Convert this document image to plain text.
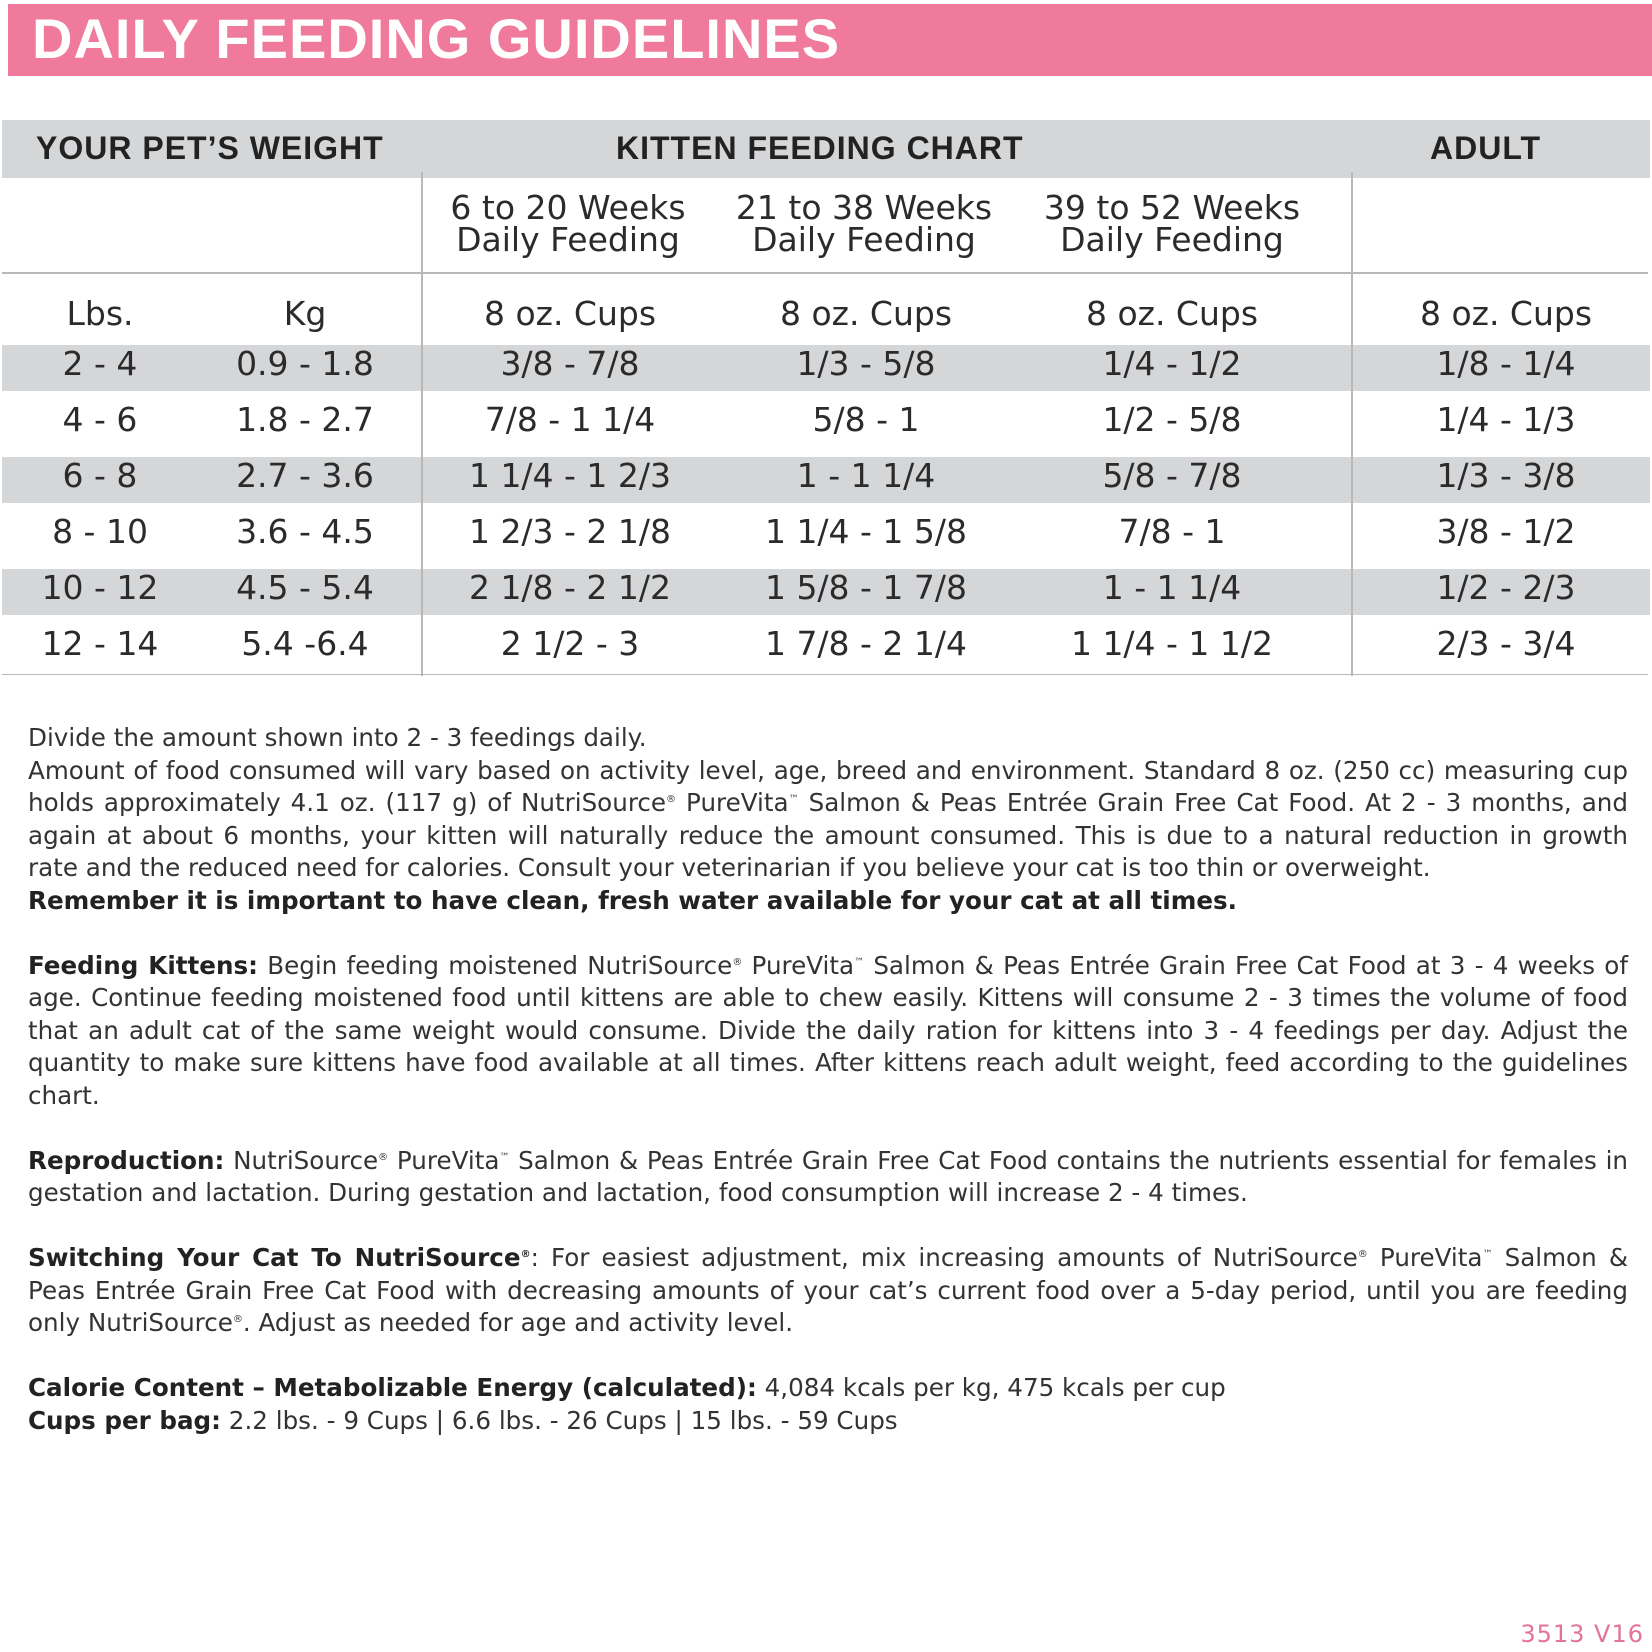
DAILY FEEDING GUIDELINES
YOUR PET’S WEIGHT	KITTEN FEEDING CHART	ADULT
6 to 20 Weeks
Daily Feeding
21 to 38 Weeks
Daily Feeding
39 to 52 Weeks
Daily Feeding
Lbs.	Kg	8 oz. Cups	8 oz. Cups	8 oz. Cups	8 oz. Cups
2 - 4	0.9 - 1.8	3/8 - 7/8	1/3 - 5/8	1/4 - 1/2	1/8 - 1/4
4 - 6	1.8 - 2.7	7/8 - 1 1/4	5/8 - 1	1/2 - 5/8	1/4 - 1/3
6 - 8	2.7 - 3.6	1 1/4 - 1 2/3	1 - 1 1/4	5/8 - 7/8	1/3 - 3/8
8 - 10	3.6 - 4.5	1 2/3 - 2 1/8	1 1/4 - 1 5/8	7/8 - 1	3/8 - 1/2
10 - 12	4.5 - 5.4	2 1/8 - 2 1/2	1 5/8 - 1 7/8	1 - 1 1/4	1/2 - 2/3
12 - 14	5.4 -6.4	2 1/2 - 3	1 7/8 - 2 1/4	1 1/4 - 1 1/2	2/3 - 3/4

Divide the amount shown into 2 - 3 feedings daily.

Amount of food consumed will vary based on activity level, age, breed and environment. Standard 8 oz. (250 cc) measuring cup holds approximately 4.1 oz. (117 g) of NutriSource® PureVita™ Salmon & Peas Entrée Grain Free Cat Food. At 2 - 3 months, and again at about 6 months, your kitten will naturally reduce the amount consumed. This is due to a natural reduction in growth rate and the reduced need for calories. Consult your veterinarian if you believe your cat is too thin or overweight.

Remember it is important to have clean, fresh water available for your cat at all times.

Feeding Kittens: Begin feeding moistened NutriSource® PureVita™ Salmon & Peas Entrée Grain Free Cat Food at 3 - 4 weeks of age. Continue feeding moistened food until kittens are able to chew easily. Kittens will consume 2 - 3 times the volume of food that an adult cat of the same weight would consume. Divide the daily ration for kittens into 3 - 4 feedings per day. Adjust the quantity to make sure kittens have food available at all times. After kittens reach adult weight, feed according to the guidelines chart.

Reproduction: NutriSource® PureVita™ Salmon & Peas Entrée Grain Free Cat Food contains the nutrients essential for females in gestation and lactation. During gestation and lactation, food consumption will increase 2 - 4 times.

Switching Your Cat To NutriSource®: For easiest adjustment, mix increasing amounts of NutriSource® PureVita™ Salmon & Peas Entrée Grain Free Cat Food with decreasing amounts of your cat’s current food over a 5-day period, until you are feeding only NutriSource®. Adjust as needed for age and activity level.

Calorie Content – Metabolizable Energy (calculated): 4,084 kcals per kg, 475 kcals per cup

Cups per bag: 2.2 lbs. - 9 Cups | 6.6 lbs. - 26 Cups | 15 lbs. - 59 Cups

3513 V16
